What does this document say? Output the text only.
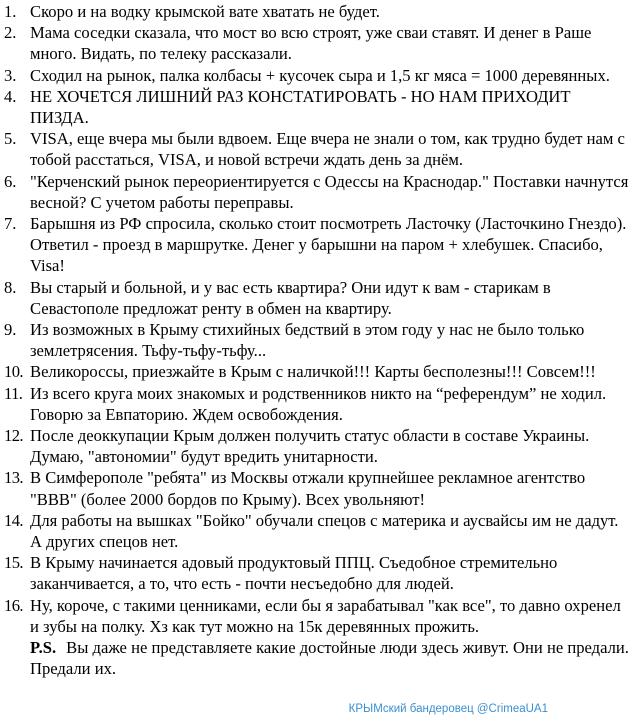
1. Скоро и на водку крымской вате хватать не будет.
2. Мама соседки сказала, что мост во всю строят, уже сваи ставят. И денег в Раше много. Видать, по телеку рассказали.
3. Сходил на рынок, палка колбасы + кусочек сыра и 1,5 кг мяса = 1000 деревянных.
4. НЕ ХОЧЕТСЯ ЛИШНИЙ РАЗ КОНСТАТИРОВАТЬ - НО НАМ ПРИХОДИТ ПИЗДА.
5. VISA, еще вчера мы были вдвоем. Еще вчера не знали о том, как трудно будет нам с тобой расстаться, VISA, и новой встречи ждать день за днём.
6. "Керченский рынок переориентируется с Одессы на Краснодар." Поставки начнутся весной? С учетом работы переправы.
7. Барышня из РФ спросила, сколько стоит посмотреть Ласточку (Ласточкино Гнездо). Ответил - проезд в маршрутке. Денег у барышни на паром + хлебушек. Спасибо, Visa!
8. Вы старый и больной, и у вас есть квартира? Они идут к вам - старикам в Севастополе предложат ренту в обмен на квартиру.
9. Из возможных в Крыму стихийных бедствий в этом году у нас не было только землетрясения. Тьфу-тьфу-тьфу...
10. Великороссы, приезжайте в Крым с наличкой!!! Карты бесполезны!!! Совсем!!!
11. Из всего круга моих знакомых и родственников никто на “референдум” не ходил. Говорю за Евпаторию. Ждем освобождения.
12. После деоккупации Крым должен получить статус области в составе Украины. Думаю, "автономии" будут вредить унитарности.
13. В Симферополе "ребята" из Москвы отжали крупнейшее рекламное агентство "ВВВ" (более 2000 бордов по Крыму). Всех увольняют!
14. Для работы на вышках "Бойко" обучали спецов с материка и аусвайсы им не дадут. А других спецов нет.
15. В Крыму начинается адовый продуктовый ППЦ. Съедобное стремительно заканчивается, а то, что есть - почти несъедобно для людей.
16. Ну, короче, с такими ценниками, если бы я зарабатывал "как все", то давно охренел и зубы на полку. Хз как тут можно на 15к деревянных прожить.
P.S. Вы даже не представляете какие достойные люди здесь живут. Они не предали. Предали их.
КРЫМский бандеровец @CrimeaUA1
